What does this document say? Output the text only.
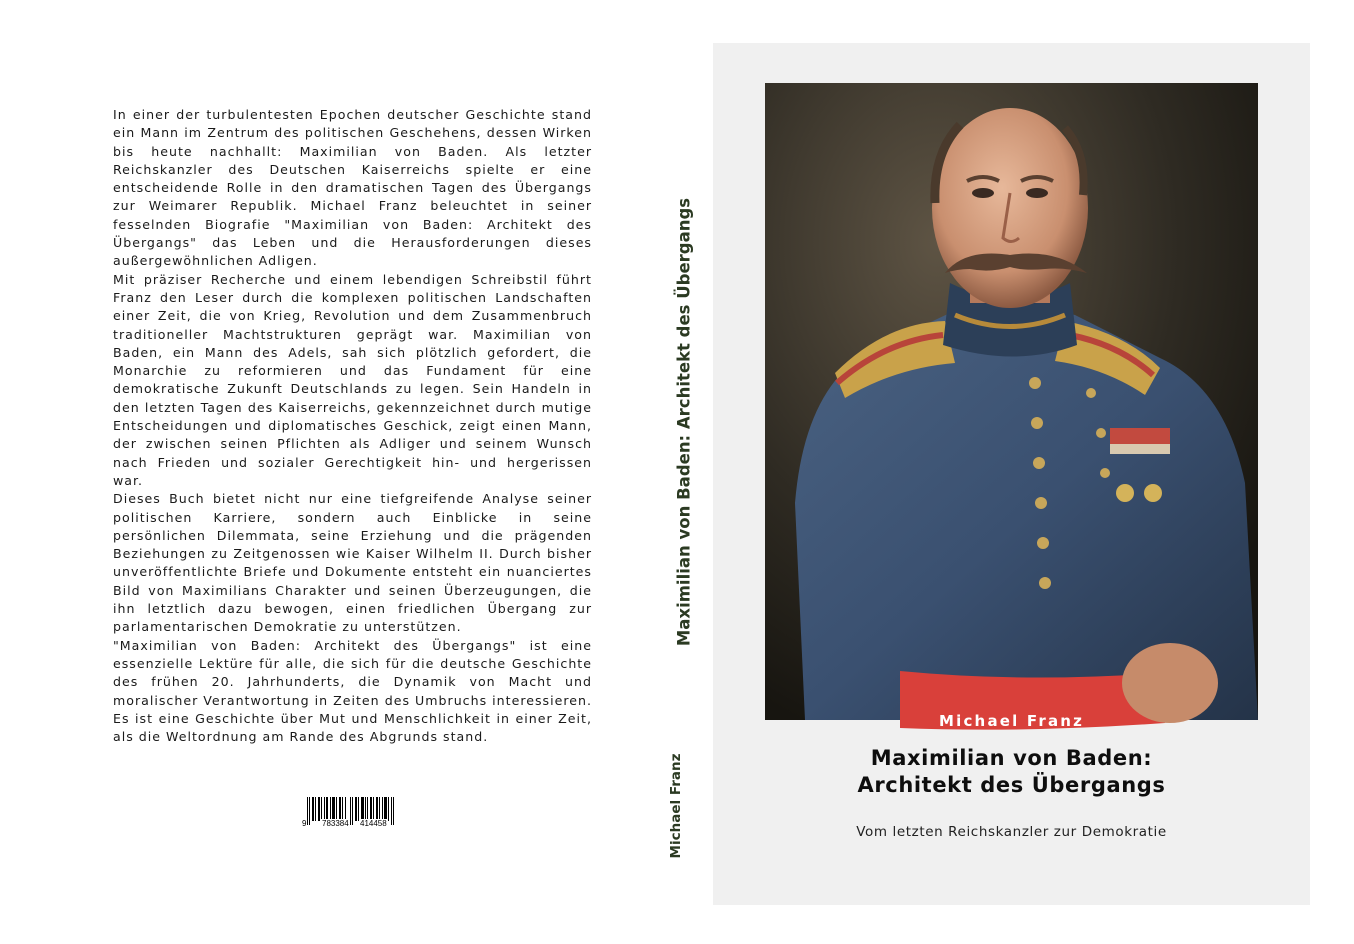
In einer der turbulentesten Epochen deutscher Geschichte stand ein Mann im Zentrum des politischen Geschehens, dessen Wirken bis heute nachhallt: Maximilian von Baden. Als letzter Reichskanzler des Deutschen Kaiserreichs spielte er eine entscheidende Rolle in den dramatischen Tagen des Übergangs zur Weimarer Republik. Michael Franz beleuchtet in seiner fesselnden Biografie "Maximilian von Baden: Architekt des Übergangs" das Leben und die Herausforderungen dieses außergewöhnlichen Adligen.

Mit präziser Recherche und einem lebendigen Schreibstil führt Franz den Leser durch die komplexen politischen Landschaften einer Zeit, die von Krieg, Revolution und dem Zusammenbruch traditioneller Machtstrukturen geprägt war. Maximilian von Baden, ein Mann des Adels, sah sich plötzlich gefordert, die Monarchie zu reformieren und das Fundament für eine demokratische Zukunft Deutschlands zu legen. Sein Handeln in den letzten Tagen des Kaiserreichs, gekennzeichnet durch mutige Entscheidungen und diplomatisches Geschick, zeigt einen Mann, der zwischen seinen Pflichten als Adliger und seinem Wunsch nach Frieden und sozialer Gerechtigkeit hin- und hergerissen war.

Dieses Buch bietet nicht nur eine tiefgreifende Analyse seiner politischen Karriere, sondern auch Einblicke in seine persönlichen Dilemmata, seine Erziehung und die prägenden Beziehungen zu Zeitgenossen wie Kaiser Wilhelm II. Durch bisher unveröffentlichte Briefe und Dokumente entsteht ein nuanciertes Bild von Maximilians Charakter und seinen Überzeugungen, die ihn letztlich dazu bewogen, einen friedlichen Übergang zur parlamentarischen Demokratie zu unterstützen.

"Maximilian von Baden: Architekt des Übergangs" ist eine essenzielle Lektüre für alle, die sich für die deutsche Geschichte des frühen 20. Jahrhunderts, die Dynamik von Macht und moralischer Verantwortung in Zeiten des Umbruchs interessieren. Es ist eine Geschichte über Mut und Menschlichkeit in einer Zeit, als die Weltordnung am Rande des Abgrunds stand.

9 783384 414458
Maximilian von Baden: Architekt des Übergangs
Michael Franz
Michael Franz
Maximilian von Baden:
Architekt des Übergangs
Vom letzten Reichskanzler zur Demokratie
